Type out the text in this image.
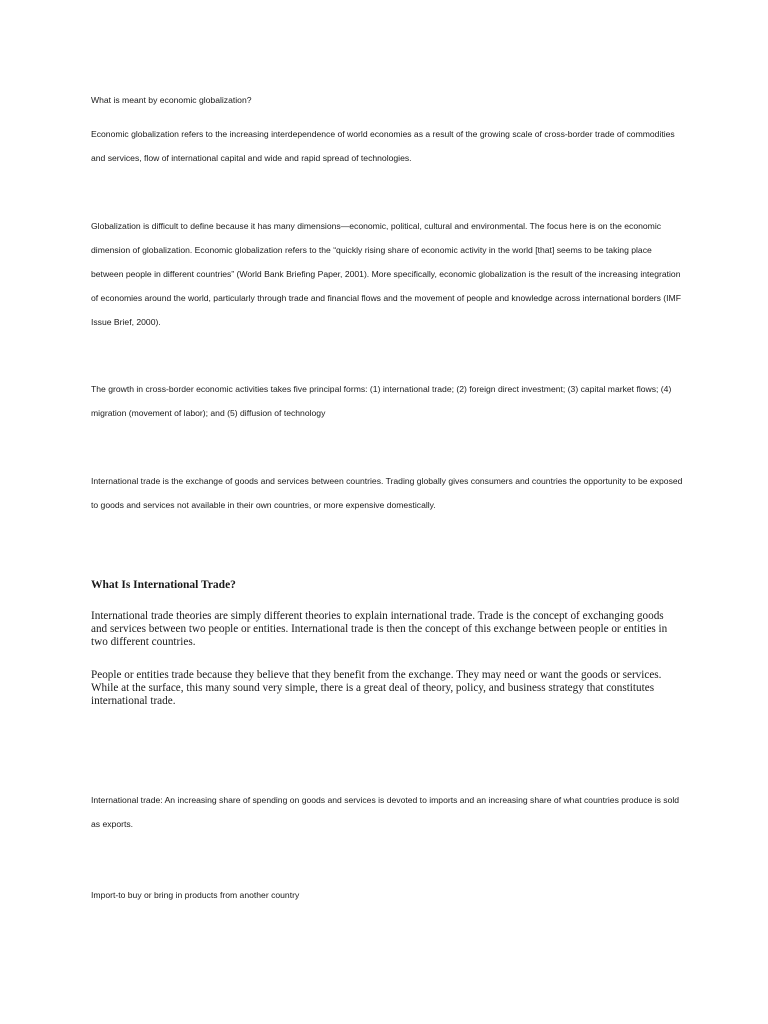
What is meant by economic globalization?

Economic globalization refers to the increasing interdependence of world economies as a result of the growing scale of cross-border trade of commodities and services, flow of international capital and wide and rapid spread of technologies.

Globalization is difficult to define because it has many dimensions—economic, political, cultural and environmental. The focus here is on the economic dimension of globalization. Economic globalization refers to the “quickly rising share of economic activity in the world [that] seems to be taking place between people in different countries” (World Bank Briefing Paper, 2001). More specifically, economic globalization is the result of the increasing integration of economies around the world, particularly through trade and financial flows and the movement of people and knowledge across international borders (IMF Issue Brief, 2000).

The growth in cross-border economic activities takes five principal forms: (1) international trade; (2) foreign direct investment; (3) capital market flows; (4) migration (movement of labor); and (5) diffusion of technology

International trade is the exchange of goods and services between countries. Trading globally gives consumers and countries the opportunity to be exposed to goods and services not available in their own countries, or more expensive domestically.

What Is International Trade?

International trade theories are simply different theories to explain international trade. Trade is the concept of exchanging goods and services between two people or entities. International trade is then the concept of this exchange between people or entities in two different countries.

People or entities trade because they believe that they benefit from the exchange. They may need or want the goods or services. While at the surface, this many sound very simple, there is a great deal of theory, policy, and business strategy that constitutes international trade.

International trade: An increasing share of spending on goods and services is devoted to imports and an increasing share of what countries produce is sold as exports.

Import-to buy or bring in products from another country
